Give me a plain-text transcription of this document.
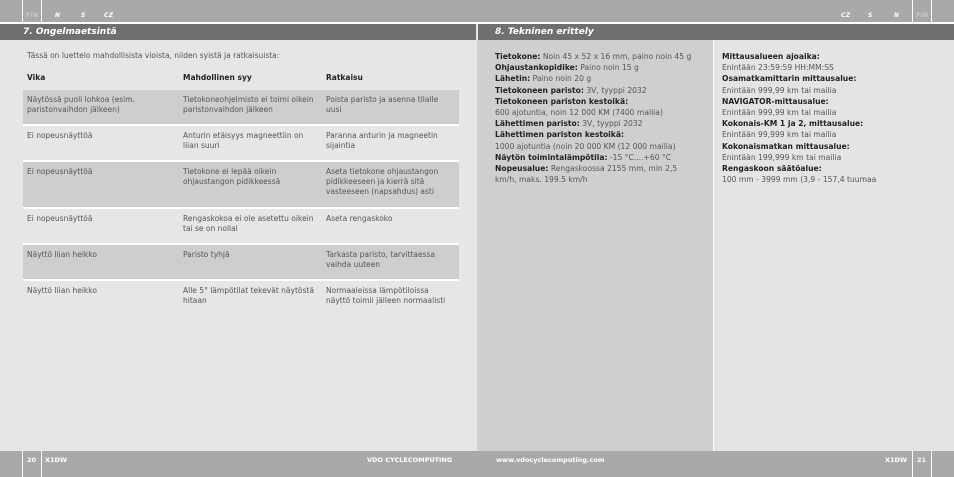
FIN	N	S	CZ	CZ	S	N	FIN
7. Ongelmaetsintä	8. Tekninen erittely
Tässä on luettelo mahdollisista vioista, niiden syistä ja ratkaisuista:
Vika	Mahdollinen syy	Ratkaisu
Näytössä puoli lohkoa (esim. paristonvaihdon jälkeen)	Tietokoneohjelmisto ei toimi oikein paristonvaihdon jälkeen	Poista paristo ja asenna tilalle uusi

Ei nopeusnäyttöä	Anturin etäisyys magneettiin on liian suuri	Paranna anturin ja magneetin sijaintia

Ei nopeusnäyttöä	Tietokone ei lepää oikein ohjaustangon pidikkeessä	Aseta tietokone ohjaustangon pidikkeeseen ja kierrä sitä vasteeseen (napsahdus) asti

Ei nopeusnäyttöä	Rengaskokoa ei ole asetettu oikein tai se on nollal	Aseta rengaskoko

Näyttö liian heikko	Paristo tyhjä	Tarkasta paristo, tarvittaessa vaihda uuteen

Näyttö liian heikko	Alle 5° lämpötilat tekevät näytöstä hitaan	Normaaleissa lämpötiloissa näyttö toimii jälleen normaalisti
Tietokone: Noin 45 x 52 x 16 mm, paino noin 45 g
Ohjaustankopidike: Paino noin 15 g
Lähetin: Paino noin 20 g
Tietokoneen paristo: 3V, tyyppi 2032
Tietokoneen pariston kestoikä:
600 ajotuntia, noin 12 000 KM (7400 mailia)
Lähettimen paristo: 3V, tyyppi 2032
Lähettimen pariston kestoikä:
1000 ajotuntia (noin 20 000 KM (12 000 mailia)
Näytön toimintalämpötila: -15 °C....+60 °C
Nopeusalue: Rengaskoossa 2155 mm, min 2,5
km/h, maks. 199.5 km/h
Mittausalueen ajoaika:
Enintään 23:59:59 HH:MM:SS
Osamatkamittarin mittausalue:
Enintään 999,99 km tai mailia
NAVIGATOR-mittausalue:
Enintään 999,99 km tai mailia
Kokonais-KM 1 ja 2, mittausalue:
Enintään 99,999 km tai mailia
Kokonaismatkan mittausalue:
Enintään 199,999 km tai mailia
Rengaskoon säätöalue:
100 mm - 3999 mm (3,9 - 157,4 tuumaa
20 X1DW	VDO CYCLECOMPUTING	www.vdocyclecomputing.com	X1DW 21
